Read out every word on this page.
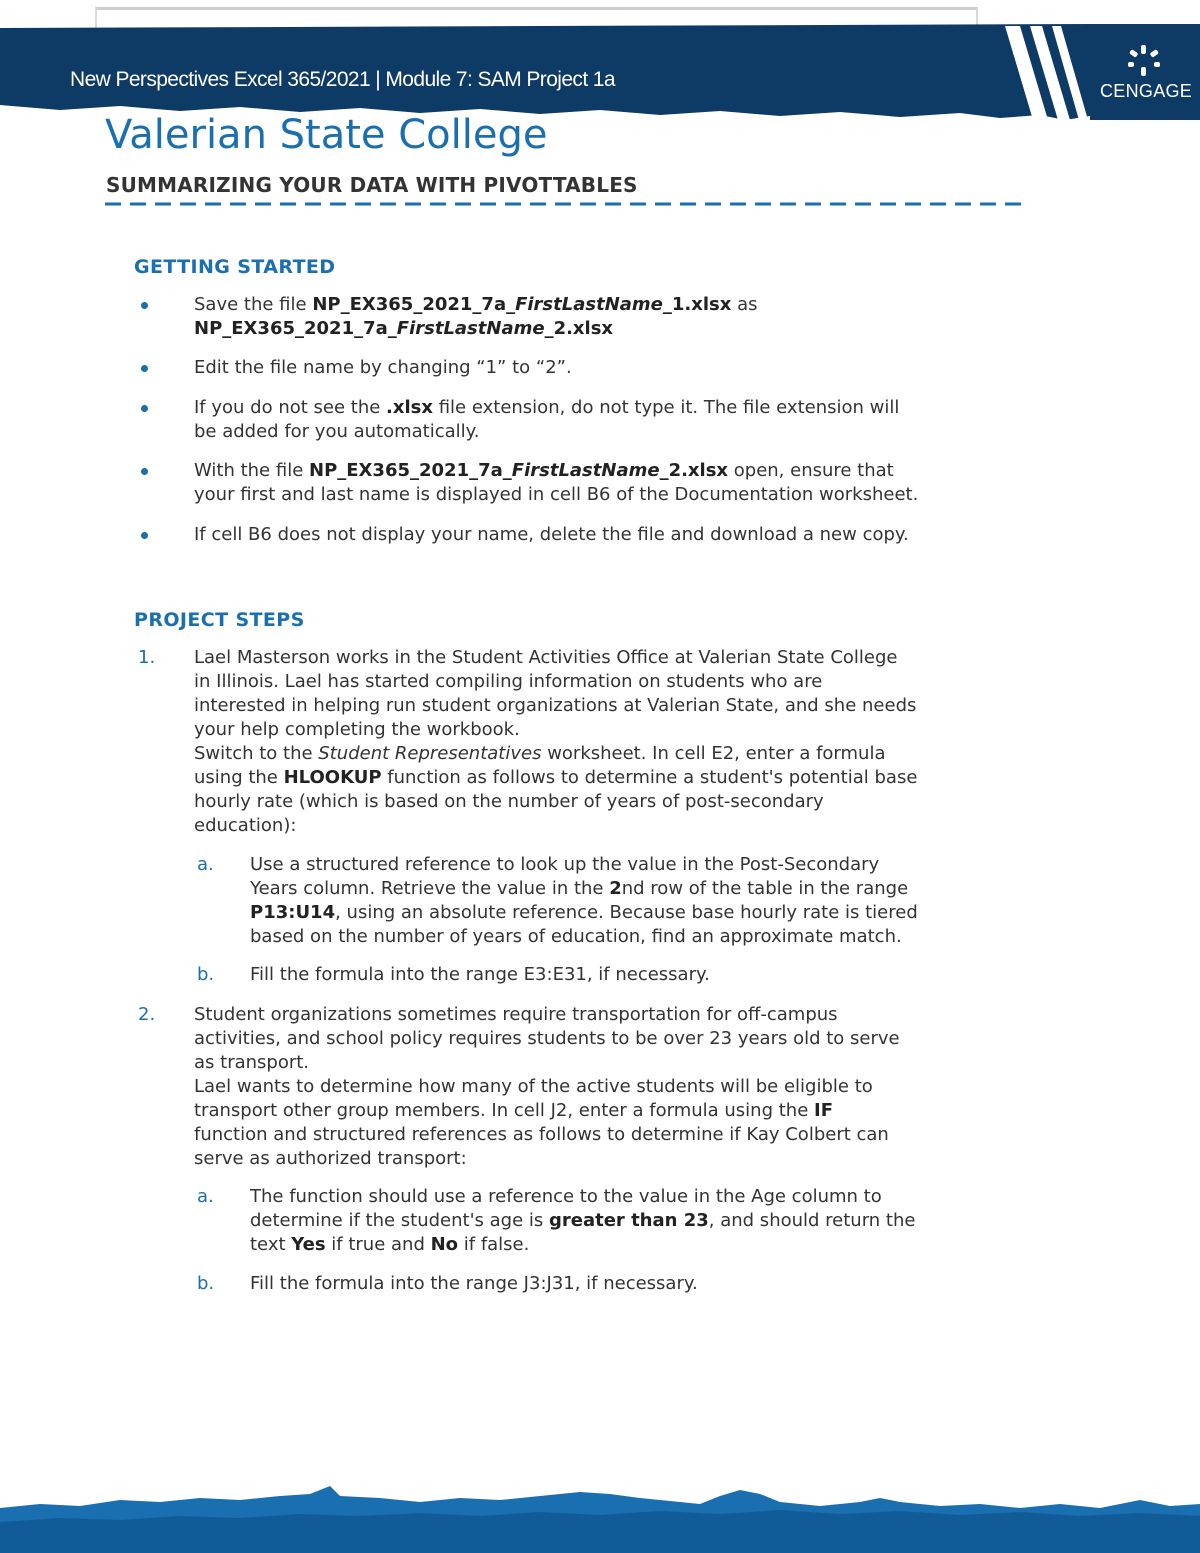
New Perspectives Excel 365/2021 | Module 7: SAM Project 1a	CENGAGE
Valerian State College
SUMMARIZING YOUR DATA WITH PIVOTTABLES
GETTING STARTED
Save the file NP_EX365_2021_7a_FirstLastName_1.xlsx as
NP_EX365_2021_7a_FirstLastName_2.xlsx
Edit the file name by changing “1” to “2”.
If you do not see the .xlsx file extension, do not type it. The file extension will
be added for you automatically.
With the file NP_EX365_2021_7a_FirstLastName_2.xlsx open, ensure that
your first and last name is displayed in cell B6 of the Documentation worksheet.
If cell B6 does not display your name, delete the file and download a new copy.
PROJECT STEPS
1. Lael Masterson works in the Student Activities Office at Valerian State College
in Illinois. Lael has started compiling information on students who are
interested in helping run student organizations at Valerian State, and she needs
your help completing the workbook.
Switch to the Student Representatives worksheet. In cell E2, enter a formula
using the HLOOKUP function as follows to determine a student's potential base
hourly rate (which is based on the number of years of post-secondary
education):
a. Use a structured reference to look up the value in the Post-Secondary
Years column. Retrieve the value in the 2nd row of the table in the range
P13:U14, using an absolute reference. Because base hourly rate is tiered
based on the number of years of education, find an approximate match.
b. Fill the formula into the range E3:E31, if necessary.
2. Student organizations sometimes require transportation for off-campus
activities, and school policy requires students to be over 23 years old to serve
as transport.
Lael wants to determine how many of the active students will be eligible to
transport other group members. In cell J2, enter a formula using the IF
function and structured references as follows to determine if Kay Colbert can
serve as authorized transport:
a. The function should use a reference to the value in the Age column to
determine if the student's age is greater than 23, and should return the
text Yes if true and No if false.
b. Fill the formula into the range J3:J31, if necessary.
